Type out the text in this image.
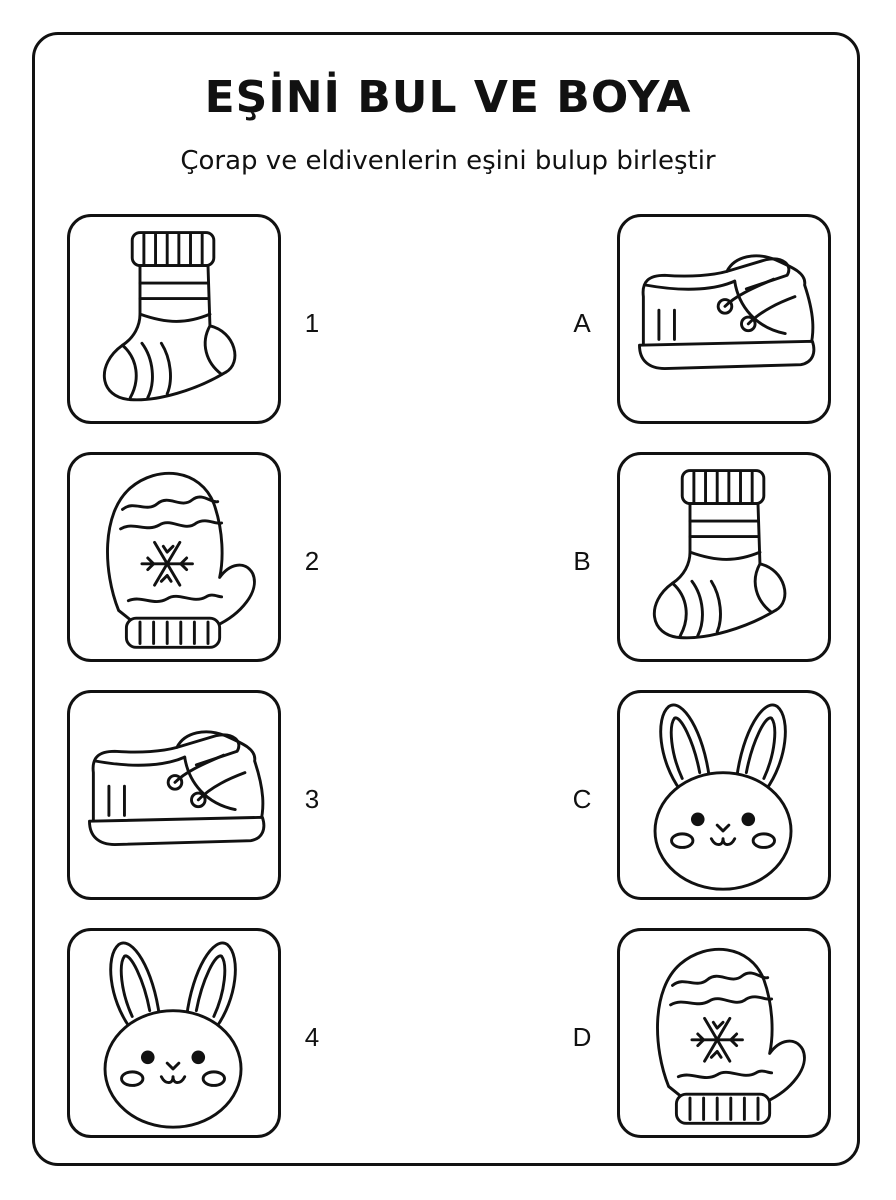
EŞİNİ BUL VE BOYA

Çorap ve eldivenlerin eşini bulup birleştir

1
2
3
4
A
B
C
D
